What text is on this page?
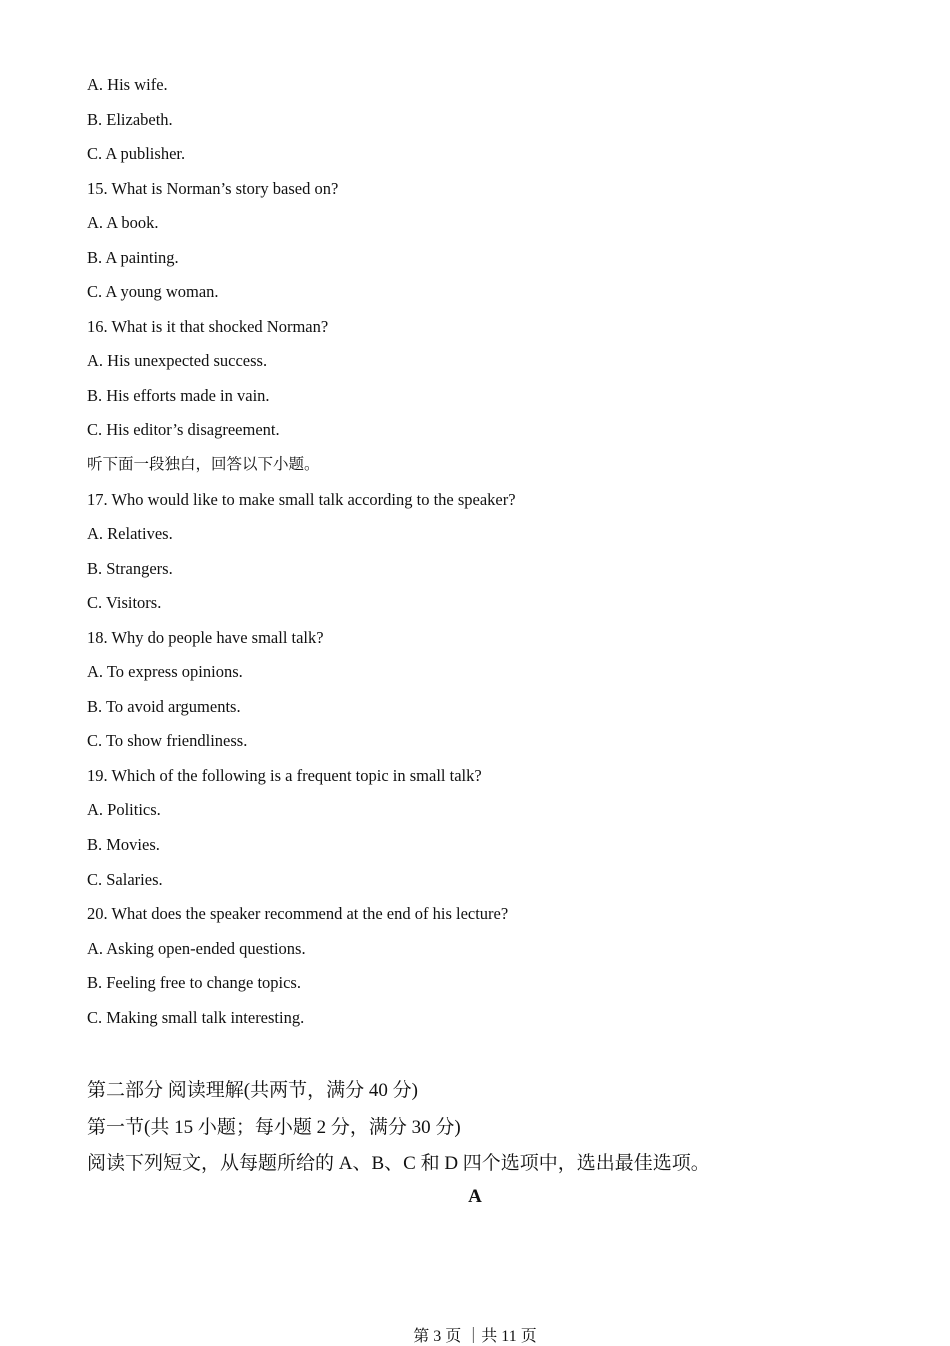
A. His wife.
B. Elizabeth.
C. A publisher.
15. What is Norman’s story based on?
A. A book.
B. A painting.
C. A young woman.
16. What is it that shocked Norman?
A. His unexpected success.
B. His efforts made in vain.
C. His editor’s disagreement.
听下面一段独白，回答以下小题。
17. Who would like to make small talk according to the speaker?
A. Relatives.
B. Strangers.
C. Visitors.
18. Why do people have small talk?
A. To express opinions.
B. To avoid arguments.
C. To show friendliness.
19. Which of the following is a frequent topic in small talk?
A. Politics.
B. Movies.
C. Salaries.
20. What does the speaker recommend at the end of his lecture?
A. Asking open-ended questions.
B. Feeling free to change topics.
C. Making small talk interesting.
第二部分 阅读理解(共两节，满分 40 分)
第一节(共 15 小题；每小题 2 分，满分 30 分)
阅读下列短文，从每题所给的 A、B、C 和 D 四个选项中，选出最佳选项。
A
第 3 页 ｜共 11 页
